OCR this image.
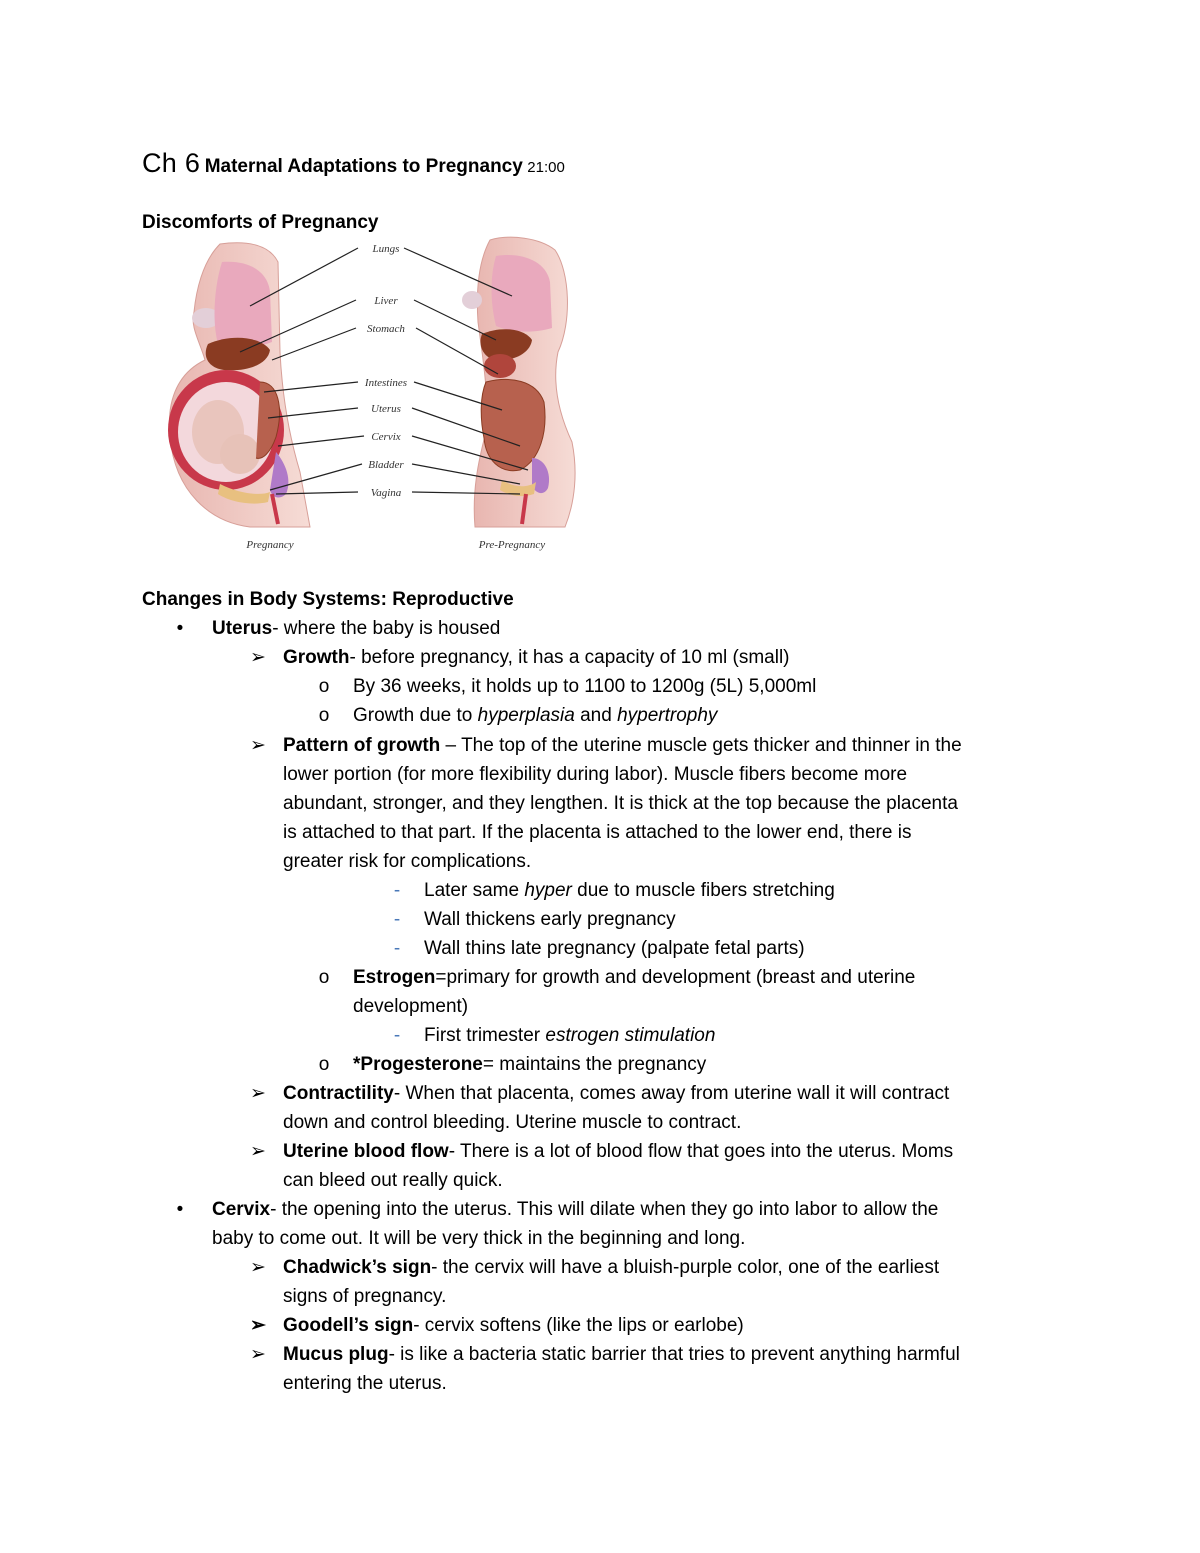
Ch 6 Maternal Adaptations to Pregnancy 21:00
Discomforts of Pregnancy
Lungs
Liver
Stomach
Intestines
Uterus
Cervix
Bladder
Vagina
Pregnancy	Pre-Pregnancy
Changes in Body Systems: Reproductive
•	Uterus- where the baby is housed
➢ Growth- before pregnancy, it has a capacity of 10 ml (small)
o By 36 weeks, it holds up to 1100 to 1200g (5L) 5,000ml
o Growth due to hyperplasia and hypertrophy
➢ Pattern of growth – The top of the uterine muscle gets thicker and thinner in the
lower portion (for more flexibility during labor). Muscle fibers become more
abundant, stronger, and they lengthen. It is thick at the top because the placenta
is attached to that part. If the placenta is attached to the lower end, there is
greater risk for complications.
- Later same hyper due to muscle fibers stretching
- Wall thickens early pregnancy
- Wall thins late pregnancy (palpate fetal parts)
o Estrogen=primary for growth and development (breast and uterine
development)
- First trimester estrogen stimulation
o *Progesterone= maintains the pregnancy
➢ Contractility- When that placenta, comes away from uterine wall it will contract
down and control bleeding. Uterine muscle to contract.
➢ Uterine blood flow- There is a lot of blood flow that goes into the uterus. Moms
can bleed out really quick.
•	Cervix- the opening into the uterus. This will dilate when they go into labor to allow the
baby to come out. It will be very thick in the beginning and long.
➢ Chadwick’s sign- the cervix will have a bluish-purple color, one of the earliest
signs of pregnancy.
➢ Goodell’s sign- cervix softens (like the lips or earlobe)
➢ Mucus plug- is like a bacteria static barrier that tries to prevent anything harmful
entering the uterus.
